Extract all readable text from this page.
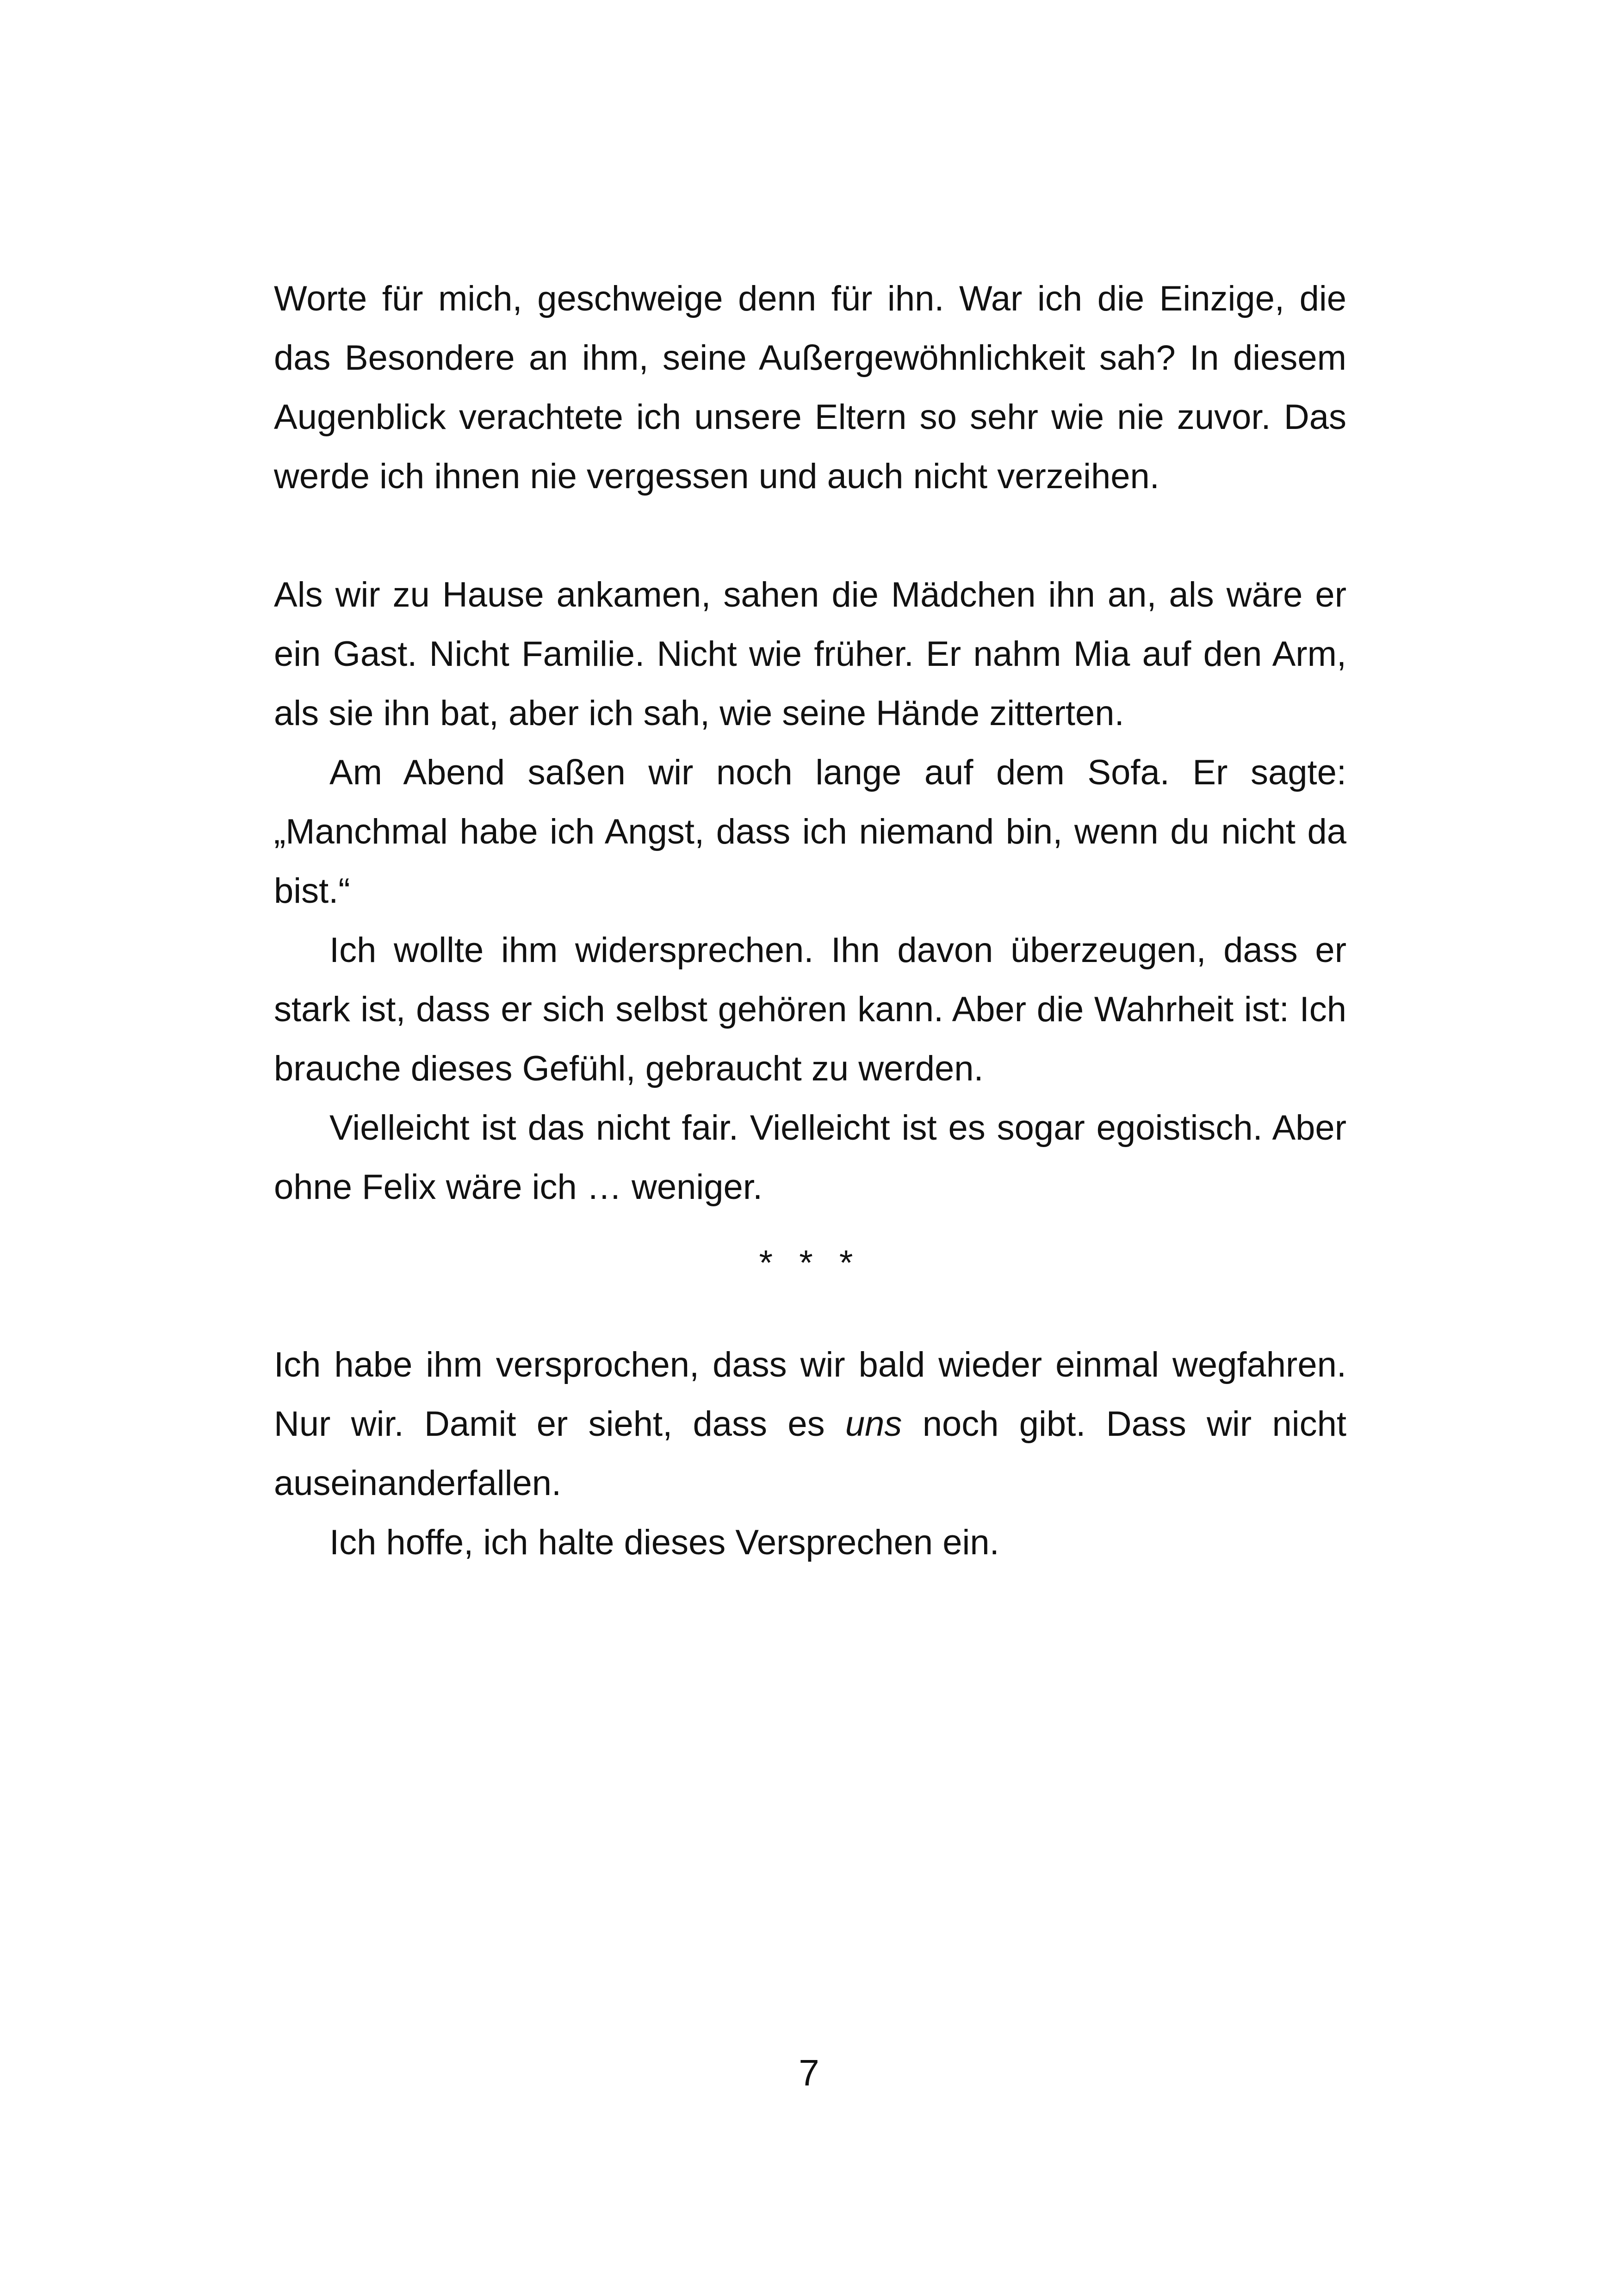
Worte für mich, geschweige denn für ihn. War ich die Einzige, die das Besondere an ihm, seine Außergewöhnlichkeit sah? In diesem Augenblick verachtete ich unsere Eltern so sehr wie nie zuvor. Das werde ich ihnen nie vergessen und auch nicht verzeihen.

Als wir zu Hause ankamen, sahen die Mädchen ihn an, als wäre er ein Gast. Nicht Familie. Nicht wie früher. Er nahm Mia auf den Arm, als sie ihn bat, aber ich sah, wie seine Hände zitterten.

Am Abend saßen wir noch lange auf dem Sofa. Er sagte: „Manchmal habe ich Angst, dass ich niemand bin, wenn du nicht da bist.“

Ich wollte ihm widersprechen. Ihn davon überzeugen, dass er stark ist, dass er sich selbst gehören kann. Aber die Wahrheit ist: Ich brauche dieses Gefühl, gebraucht zu werden.

Vielleicht ist das nicht fair. Vielleicht ist es sogar egoistisch. Aber ohne Felix wäre ich … weniger.

* * *

Ich habe ihm versprochen, dass wir bald wieder einmal wegfahren. Nur wir. Damit er sieht, dass es uns noch gibt. Dass wir nicht auseinanderfallen.

Ich hoffe, ich halte dieses Versprechen ein.

7
